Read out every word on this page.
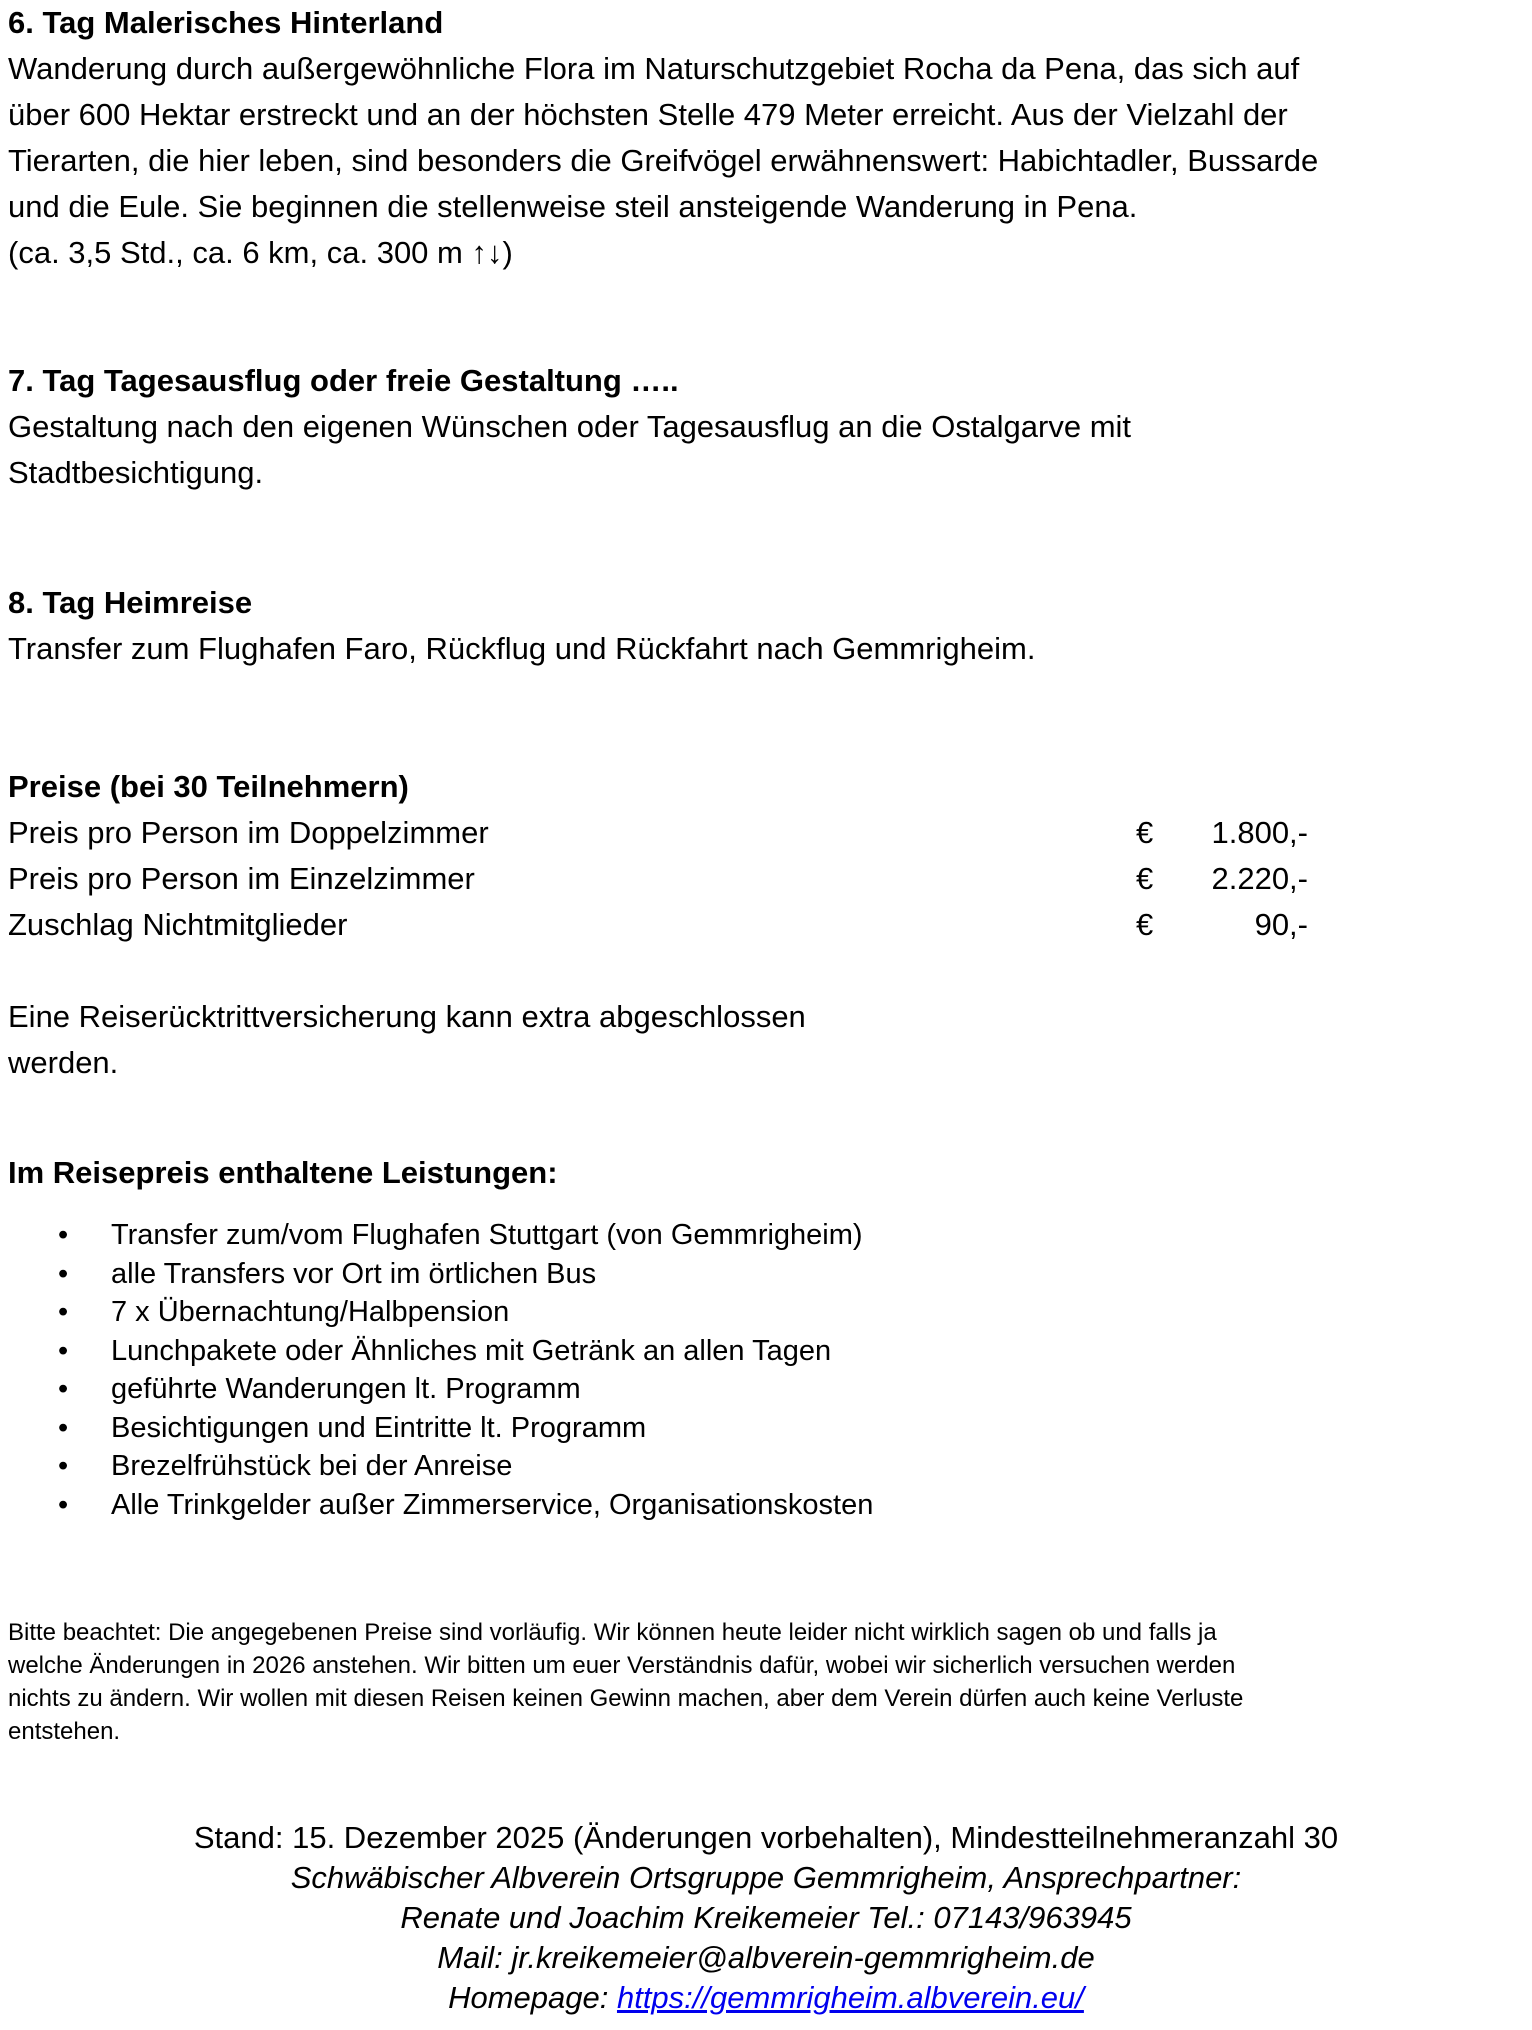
6. Tag Malerisches Hinterland

Wanderung durch außergewöhnliche Flora im Naturschutzgebiet Rocha da Pena, das sich auf

über 600 Hektar erstreckt und an der höchsten Stelle 479 Meter erreicht. Aus der Vielzahl der

Tierarten, die hier leben, sind besonders die Greifvögel erwähnenswert: Habichtadler, Bussarde

und die Eule. Sie beginnen die stellenweise steil ansteigende Wanderung in Pena.

(ca. 3,5 Std., ca. 6 km, ca. 300 m ↑↓)

7. Tag Tagesausflug oder freie Gestaltung …..

Gestaltung nach den eigenen Wünschen oder Tagesausflug an die Ostalgarve mit

Stadtbesichtigung.

8. Tag Heimreise

Transfer zum Flughafen Faro, Rückflug und Rückfahrt nach Gemmrigheim.

Preise (bei 30 Teilnehmern)
Preis pro Person im Doppelzimmer	€ 1.800,-
Preis pro Person im Einzelzimmer	€ 2.220,-
Zuschlag Nichtmitglieder	€	90,-

Eine Reiserücktrittversicherung kann extra abgeschlossen

werden.

Im Reisepreis enthaltene Leistungen:
• Transfer zum/vom Flughafen Stuttgart (von Gemmrigheim)
• alle Transfers vor Ort im örtlichen Bus
• 7 x Übernachtung/Halbpension
• Lunchpakete oder Ähnliches mit Getränk an allen Tagen
• geführte Wanderungen lt. Programm
• Besichtigungen und Eintritte lt. Programm
• Brezelfrühstück bei der Anreise
• Alle Trinkgelder außer Zimmerservice, Organisationskosten
Bitte beachtet: Die angegebenen Preise sind vorläufig. Wir können heute leider nicht wirklich sagen ob und falls ja
welche Änderungen in 2026 anstehen. Wir bitten um euer Verständnis dafür, wobei wir sicherlich versuchen werden
nichts zu ändern. Wir wollen mit diesen Reisen keinen Gewinn machen, aber dem Verein dürfen auch keine Verluste
entstehen.
Stand: 15. Dezember 2025 (Änderungen vorbehalten), Mindestteilnehmeranzahl 30
Schwäbischer Albverein Ortsgruppe Gemmrigheim, Ansprechpartner:
Renate und Joachim Kreikemeier Tel.: 07143/963945
Mail: jr.kreikemeier@albverein-gemmrigheim.de
Homepage: https://gemmrigheim.albverein.eu/
